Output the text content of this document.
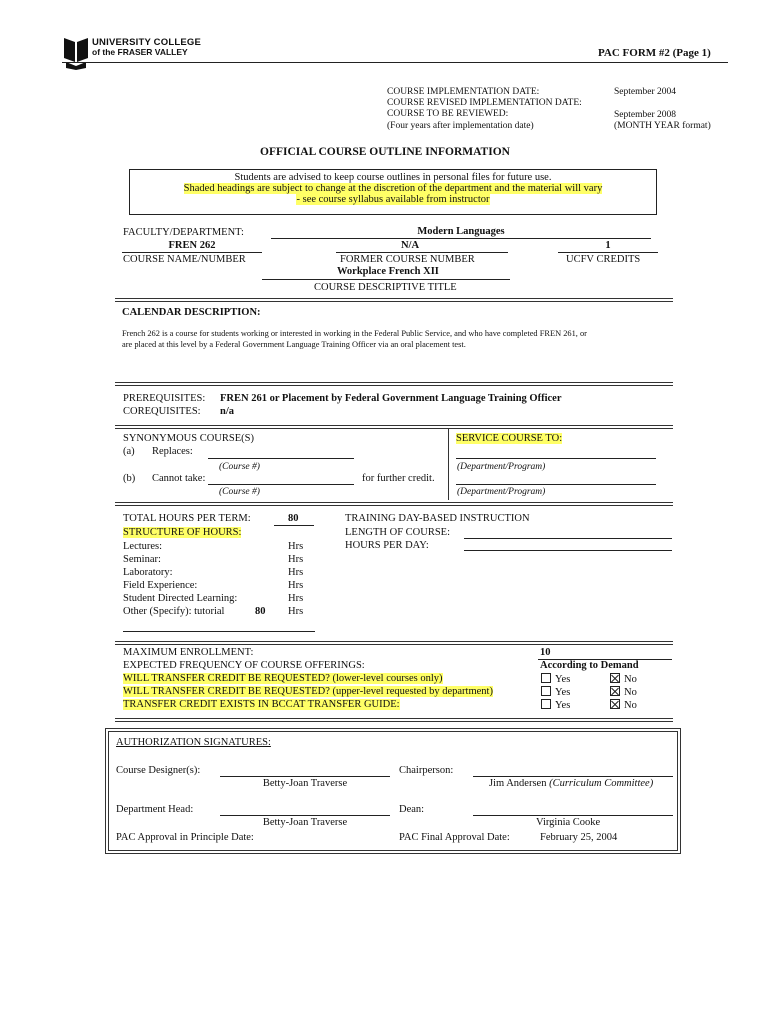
UNIVERSITY COLLEGE
of the FRASER VALLEY	PAC FORM #2 (Page 1)
COURSE IMPLEMENTATION DATE:	September 2004
COURSE REVISED IMPLEMENTATION DATE:
COURSE TO BE REVIEWED:	September 2008
(Four years after implementation date)	(MONTH YEAR format)
OFFICIAL COURSE OUTLINE INFORMATION
Students are advised to keep course outlines in personal files for future use.
Shaded headings are subject to change at the discretion of the department and the material will vary
- see course syllabus available from instructor
FACULTY/DEPARTMENT:	Modern Languages
FREN 262	N/A	1
COURSE NAME/NUMBER	FORMER COURSE NUMBER	UCFV CREDITS
Workplace French XII
COURSE DESCRIPTIVE TITLE
CALENDAR DESCRIPTION:
French 262 is a course for students working or interested in working in the Federal Public Service, and who have completed FREN 261, or
are placed at this level by a Federal Government Language Training Officer via an oral placement test.
PREREQUISITES: FREN 261 or Placement by Federal Government Language Training Officer
COREQUISITES: n/a
SYNONYMOUS COURSE(S)	SERVICE COURSE TO:
(a) Replaces:
(Course #)	(Department/Program)
(b) Cannot take:	for further credit.
(Course #)	(Department/Program)
TOTAL HOURS PER TERM:	80
STRUCTURE OF HOURS:
Lectures:	Hrs
Seminar:	Hrs
Laboratory:	Hrs
Field Experience:	Hrs
Student Directed Learning:	Hrs
Other (Specify): tutorial	80 Hrs
TRAINING DAY-BASED INSTRUCTION
LENGTH OF COURSE:
HOURS PER DAY:
MAXIMUM ENROLLMENT:	10
EXPECTED FREQUENCY OF COURSE OFFERINGS:	According to Demand
WILL TRANSFER CREDIT BE REQUESTED? (lower-level courses only)
WILL TRANSFER CREDIT BE REQUESTED? (upper-level requested by department)
TRANSFER CREDIT EXISTS IN BCCAT TRANSFER GUIDE:
Yes	No
Yes	No
Yes	No
AUTHORIZATION SIGNATURES:
Course Designer(s):
Betty-Joan Traverse
Chairperson:
Jim Andersen (Curriculum Committee)
Department Head:
Betty-Joan Traverse
Dean:
Virginia Cooke
PAC Approval in Principle Date:	PAC Final Approval Date:	February 25, 2004
